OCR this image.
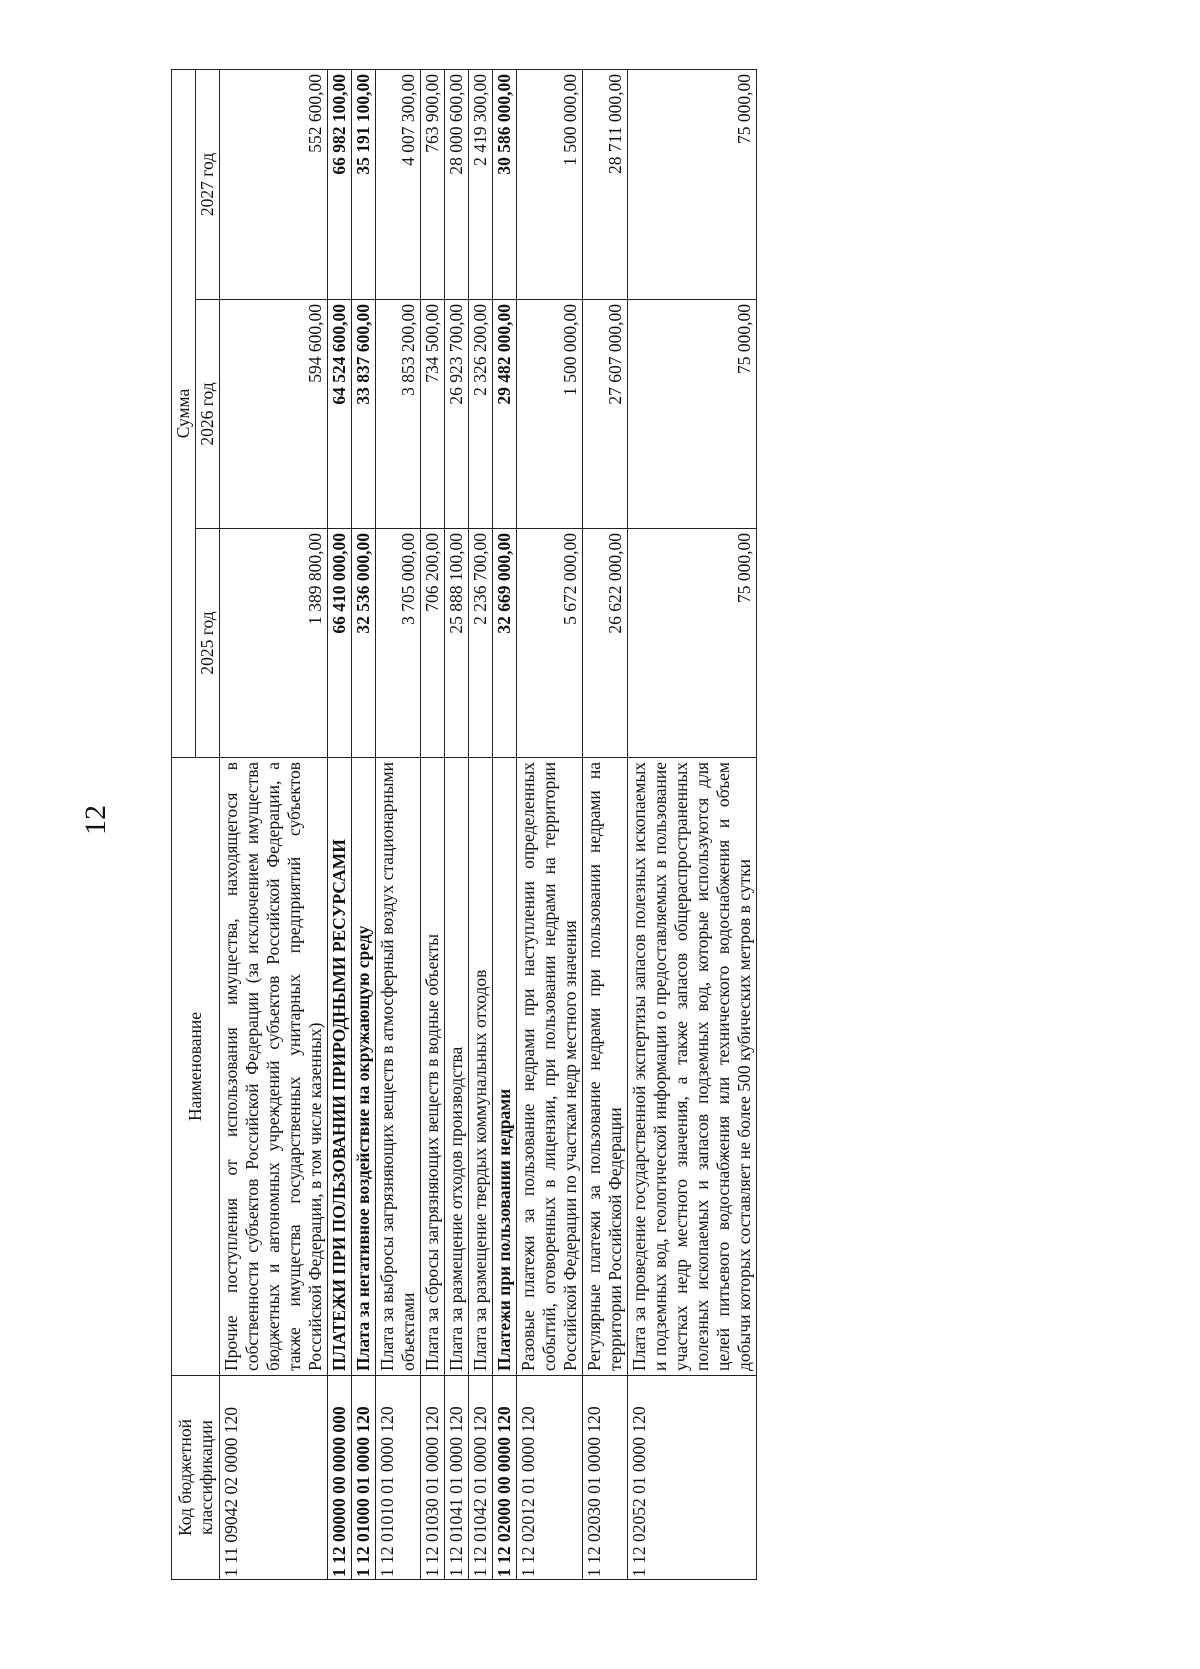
12
Код бюджетной классификации	Наименование	Сумма		
		2025 год	2026 год	2027 год
1 11 09042 02 0000 120	Прочие поступления от использования имущества, находящегося в собственности субъектов Российской Федерации (за исключением имущества бюджетных и автономных учреждений субъектов Российской Федерации, а также имущества государственных унитарных предприятий субъектов Российской Федерации, в том числе казенных)	1 389 800,00	594 600,00	552 600,00
1 12 00000 00 0000 000	ПЛАТЕЖИ ПРИ ПОЛЬЗОВАНИИ ПРИРОДНЫМИ РЕСУРСАМИ	66 410 000,00	64 524 600,00	66 982 100,00
1 12 01000 01 0000 120	Плата за негативное воздействие на окружающую среду	32 536 000,00	33 837 600,00	35 191 100,00
1 12 01010 01 0000 120	Плата за выбросы загрязняющих веществ в атмосферный воздух стационарными объектами	3 705 000,00	3 853 200,00	4 007 300,00
1 12 01030 01 0000 120	Плата за сбросы загрязняющих веществ в водные объекты	706 200,00	734 500,00	763 900,00
1 12 01041 01 0000 120	Плата за размещение отходов производства	25 888 100,00	26 923 700,00	28 000 600,00
1 12 01042 01 0000 120	Плата за размещение твердых коммунальных отходов	2 236 700,00	2 326 200,00	2 419 300,00
1 12 02000 00 0000 120	Платежи при пользовании недрами	32 669 000,00	29 482 000,00	30 586 000,00
1 12 02012 01 0000 120	Разовые платежи за пользование недрами при наступлении определенных событий, оговоренных в лицензии, при пользовании недрами на территории Российской Федерации по участкам недр местного значения	5 672 000,00	1 500 000,00	1 500 000,00
1 12 02030 01 0000 120	Регулярные платежи за пользование недрами при пользовании недрами на территории Российской Федерации	26 622 000,00	27 607 000,00	28 711 000,00
1 12 02052 01 0000 120	Плата за проведение государственной экспертизы запасов полезных ископаемых и подземных вод, геологической информации о предоставляемых в пользование участках недр местного значения, а также запасов общераспространенных полезных ископаемых и запасов подземных вод, которые используются для целей питьевого водоснабжения или технического водоснабжения и объем добычи которых составляет не более 500 кубических метров в сутки	75 000,00	75 000,00	75 000,00
